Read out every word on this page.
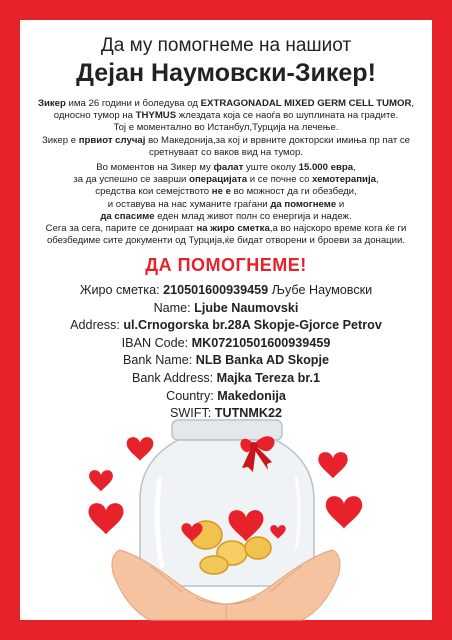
Да му помогнеме на нашиот
Дејан Наумовски-Зикер!

Зикер има 26 години и боледува од EXTRAGONADAL MIXED GERM CELL TUMOR,

односно тумор на THYMUS жлездата која се наоѓа во шуплината на градите.

Тој е моментално во Истанбул,Турција на лечење.

Зикер е првиот случај во Македонија,за кој и врвните докторски имиња пр пат се

сретнуваат со ваков вид на тумор.

Во моментов на Зикер му фалат уште околу 15.000 евра,

за да успешно се заврши операцијата и се почне со хемотерапија,

средства кои семејството не е во можност да ги обезбеди,

и оставува на нас хуманите граѓани да помогнеме и

да спасиме еден млад живот полн со енергија и надеж.

Сега за сега, парите се донираат на жиро сметка,а во најскоро време кога ќе ги

обезбедиме сите документи од Турција,ќе бидат отворени и броеви за донации.

ДА ПОМОГНЕМЕ!
Жиро сметка: 210501600939459 Љубе Наумовски
Name: Ljube Naumovski
Address: ul.Crnogorska br.28A Skopje-Gjorce Petrov
IBAN Code: MK07210501600939459
Bank Name: NLB Banka AD Skopje
Bank Address: Majka Tereza br.1
Country: Makedonija
SWIFT: TUTNMK22
